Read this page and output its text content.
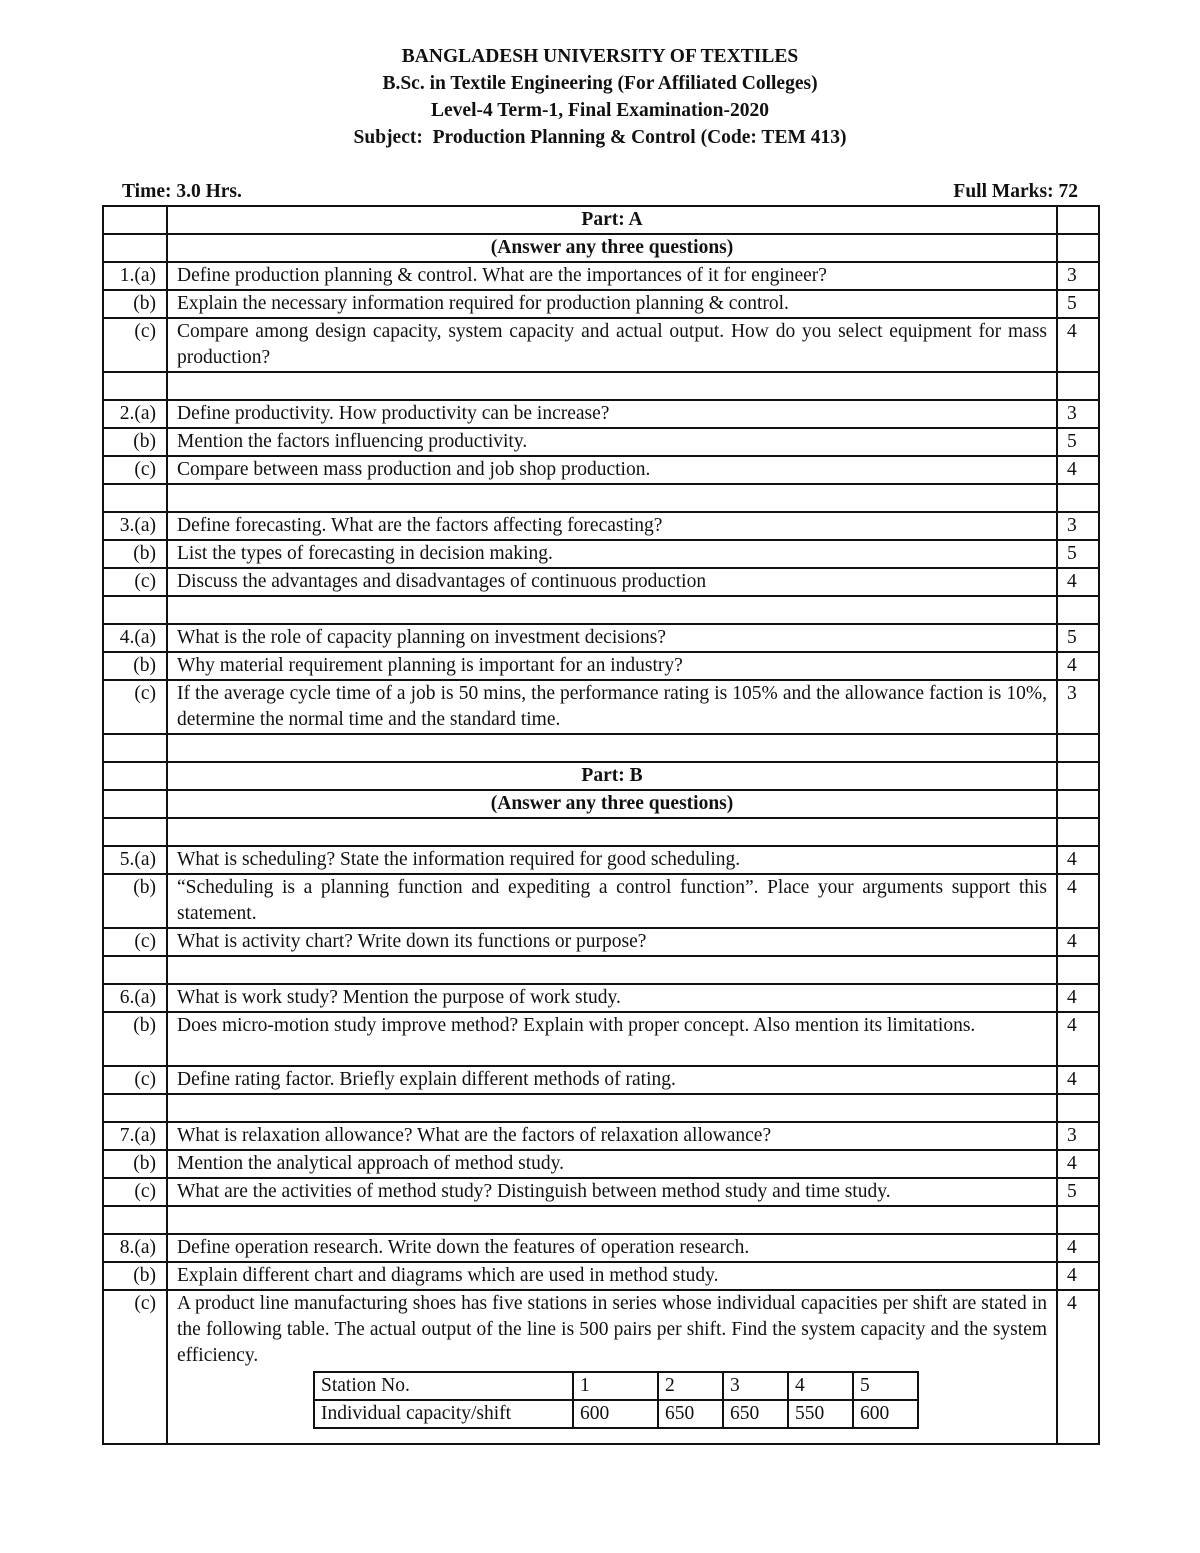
BANGLADESH UNIVERSITY OF TEXTILES
B.Sc. in Textile Engineering (For Affiliated Colleges)
Level-4 Term-1, Final Examination-2020
Subject:  Production Planning & Control (Code: TEM 413)
Time: 3.0 Hrs.	Full Marks: 72
	Part: A	
	(Answer any three questions)	
1.(a)	Define production planning & control. What are the importances of it for engineer?	3
(b)	Explain the necessary information required for production planning & control.	5
(c)	Compare among design capacity, system capacity and actual output. How do you select equipment for mass production?
	4

2.(a)	Define productivity. How productivity can be increase?	3
(b)	Mention the factors influencing productivity.	5
(c)	Compare between mass production and job shop production.	4

3.(a)	Define forecasting. What are the factors affecting forecasting?	3
(b)	List the types of forecasting in decision making.	5
(c)	Discuss the advantages and disadvantages of continuous production	4

4.(a)	What is the role of capacity planning on investment decisions?	5
(b)	Why material requirement planning is important for an industry?	4
(c)	If the average cycle time of a job is 50 mins, the performance rating is 105% and the allowance faction is 10%, determine the normal time and the standard time.
	3

	Part: B	
	(Answer any three questions)	

5.(a)	What is scheduling? State the information required for good scheduling.	4
(b)	“Scheduling is a planning function and expediting a control function”. Place your arguments support this statement.
	4
(c)	What is activity chart? Write down its functions or purpose?	4

6.(a)	What is work study? Mention the purpose of work study.	4
(b)	Does micro-motion study improve method? Explain with proper concept. Also mention its limitations.	4
(c)	Define rating factor. Briefly explain different methods of rating.	4

7.(a)	What is relaxation allowance? What are the factors of relaxation allowance?	3
(b)	Mention the analytical approach of method study.	4
(c)	What are the activities of method study? Distinguish between method study and time study.	5

8.(a)	Define operation research. Write down the features of operation research.	4
(b)	Explain different chart and diagrams which are used in method study.	4
(c)	A product line manufacturing shoes has five stations in series whose individual capacities per shift are stated in the following table. The actual output of the line is 500 pairs per shift. Find the system capacity and the system efficiency.
Station No.	1	2	3	4	5
Individual capacity/shift	600	650	650	550	600
	4
